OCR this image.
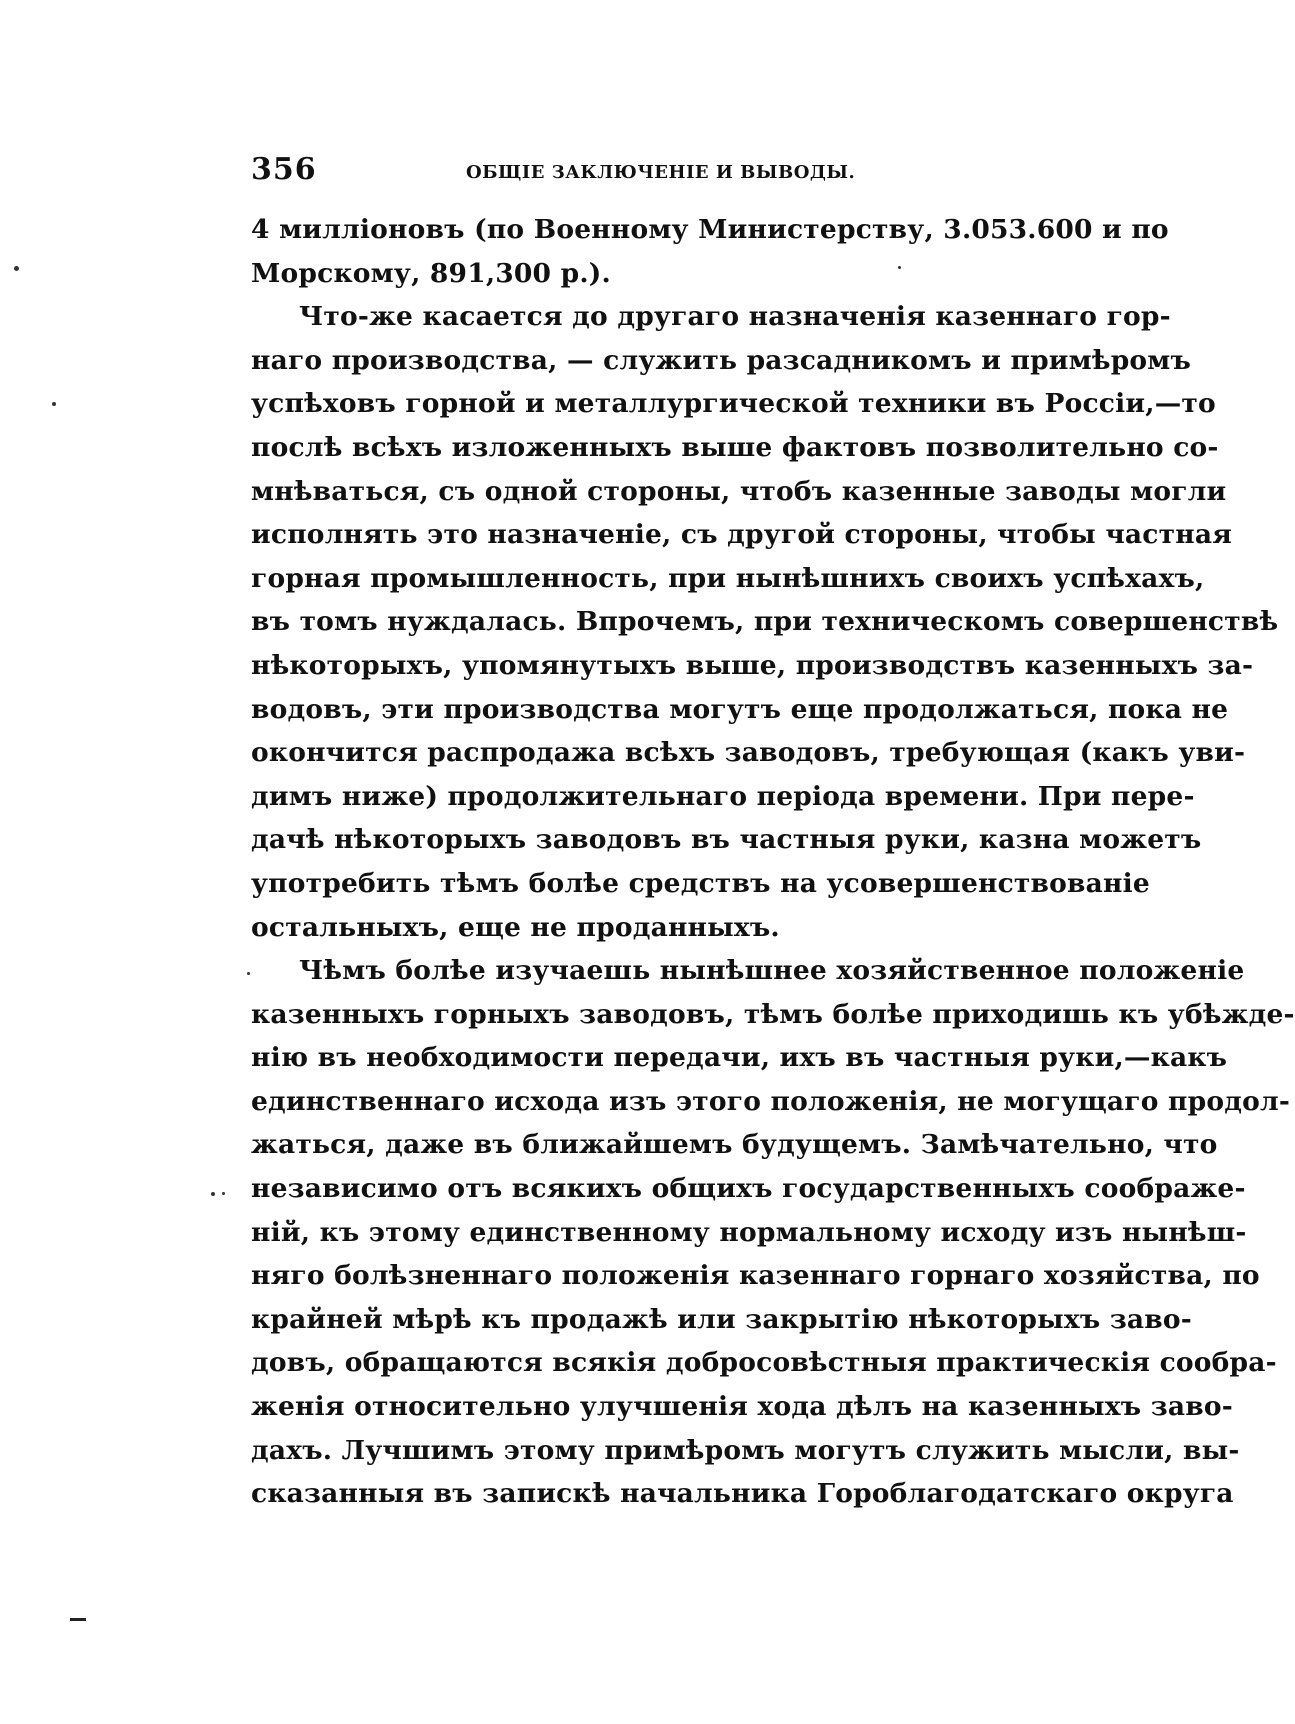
356	ОБЩІЕ ЗАКЛЮЧЕНІЕ И ВЫВОДЫ.
4 милліоновъ (по Военному Министерству, 3.053.600 и по
Морскому, 891,300 р.).
Что-же касается до другаго назначенія казеннаго гор-
наго производства, — служить разсадникомъ и примѣромъ
успѣховъ горной и металлургической техники въ Россіи,—то
послѣ всѣхъ изложенныхъ выше фактовъ позволительно со-
мнѣваться, съ одной стороны, чтобъ казенные заводы могли
исполнять это назначеніе, съ другой стороны, чтобы частная
горная промышленность, при нынѣшнихъ своихъ успѣхахъ,
въ томъ нуждалась. Впрочемъ, при техническомъ совершенствѣ
нѣкоторыхъ, упомянутыхъ выше, производствъ казенныхъ за-
водовъ, эти производства могутъ еще продолжаться, пока не
окончится распродажа всѣхъ заводовъ, требующая (какъ уви-
димъ ниже) продолжительнаго періода времени. При пере-
дачѣ нѣкоторыхъ заводовъ въ частныя руки, казна можетъ
употребить тѣмъ болѣе средствъ на усовершенствованіе
остальныхъ, еще не проданныхъ.
Чѣмъ болѣе изучаешь нынѣшнее хозяйственное положеніе
казенныхъ горныхъ заводовъ, тѣмъ болѣе приходишь къ убѣжде-
нію въ необходимости передачи, ихъ въ частныя руки,—какъ
единственнаго исхода изъ этого положенія, не могущаго продол-
жаться, даже въ ближайшемъ будущемъ. Замѣчательно, что
независимо отъ всякихъ общихъ государственныхъ соображе-
ній, къ этому единственному нормальному исходу изъ нынѣш-
няго болѣзненнаго положенія казеннаго горнаго хозяйства, по
крайней мѣрѣ къ продажѣ или закрытію нѣкоторыхъ заво-
довъ, обращаются всякія добросовѣстныя практическія сообра-
женія относительно улучшенія хода дѣлъ на казенныхъ заво-
дахъ. Лучшимъ этому примѣромъ могутъ служить мысли, вы-
сказанныя въ запискѣ начальника Гороблагодатскаго округа
